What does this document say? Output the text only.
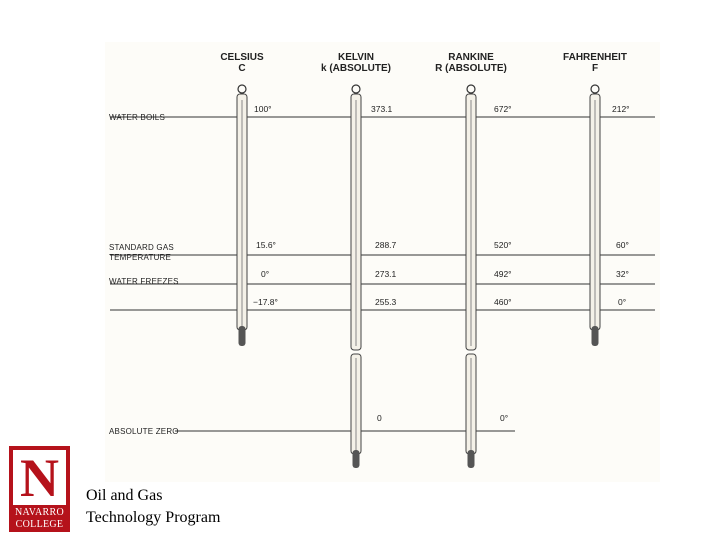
CELSIUS
C
KELVIN
k (ABSOLUTE)
RANKINE
R (ABSOLUTE)
FAHRENHEIT
F
WATER BOILS
STANDARD GAS
TEMPERATURE
WATER FREEZES
ABSOLUTE ZERO
100°
15.6°
0°
−17.8°
373.1
288.7
273.1
255.3
0
672°
520°
492°
460°
0°
212°
60°
32°
0°
N
NAVARRO
COLLEGE
Oil and Gas
Technology Program
